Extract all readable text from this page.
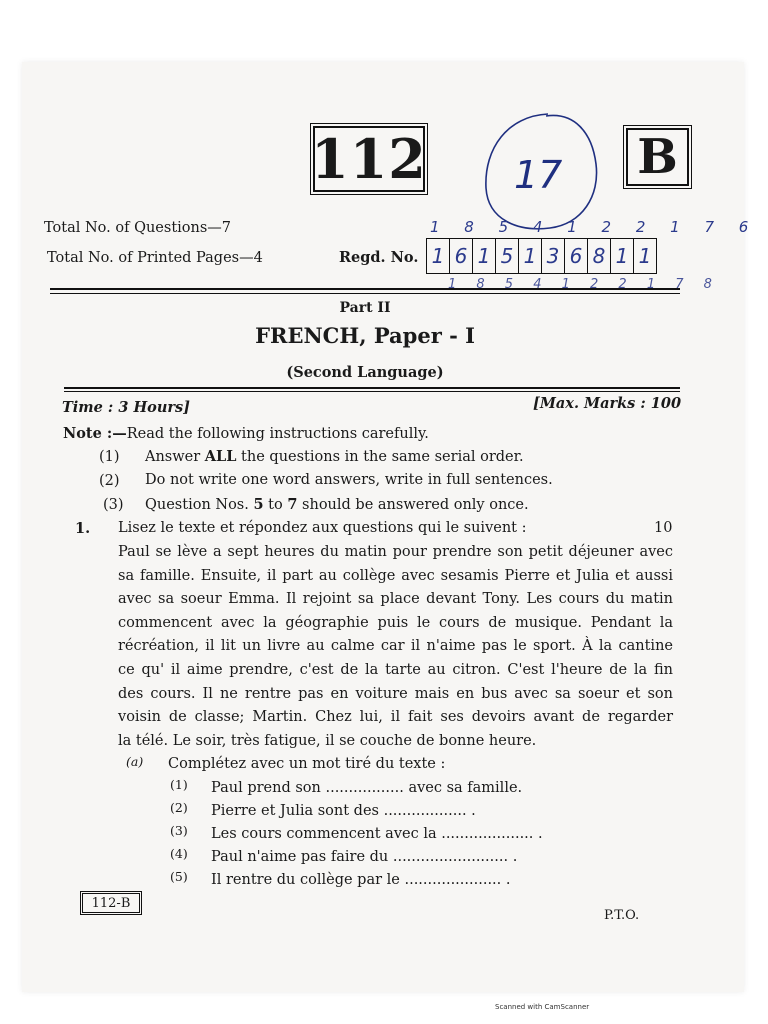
112	B
17
Total No. of Questions—7
Total No. of Printed Pages—4	Regd. No.
1 8 5 4 1 2 2 1 7 6
1 6 1 5 1 3 6 8 1 1
1 8 5 4 1 2 2 1 7 8
Part II
FRENCH, Paper - I
(Second Language)
Time : 3 Hours]	[Max. Marks : 100
Note :—Read the following instructions carefully.
(1) Answer ALL the questions in the same serial order.
(2) Do not write one word answers, write in full sentences.
(3) Question Nos. 5 to 7 should be answered only once.
1. Lisez le texte et répondez aux questions qui le suivent :	10
Paul se lève a sept heures du matin pour prendre son petit déjeuner avec
sa famille. Ensuite, il part au collège avec sesamis Pierre et Julia et aussi
avec sa soeur Emma. Il rejoint sa place devant Tony. Les cours du matin
commencent avec la géographie puis le cours de musique. Pendant la
récréation, il lit un livre au calme car il n'aime pas le sport. À la cantine
ce qu' il aime prendre, c'est de la tarte au citron. C'est l'heure de la fin
des cours. Il ne rentre pas en voiture mais en bus avec sa soeur et son
voisin de classe; Martin. Chez lui, il fait ses devoirs avant de regarder
la télé. Le soir, très fatigue, il se couche de bonne heure.
(a) Complétez avec un mot tiré du texte :
(1) Paul prend son ................. avec sa famille.
(2) Pierre et Julia sont des .................. .
(3) Les cours commencent avec la .................... .
(4) Paul n'aime pas faire du ......................... .
(5) Il rentre du collège par le ..................... .
112-B
P.T.O.
Scanned with CamScanner
